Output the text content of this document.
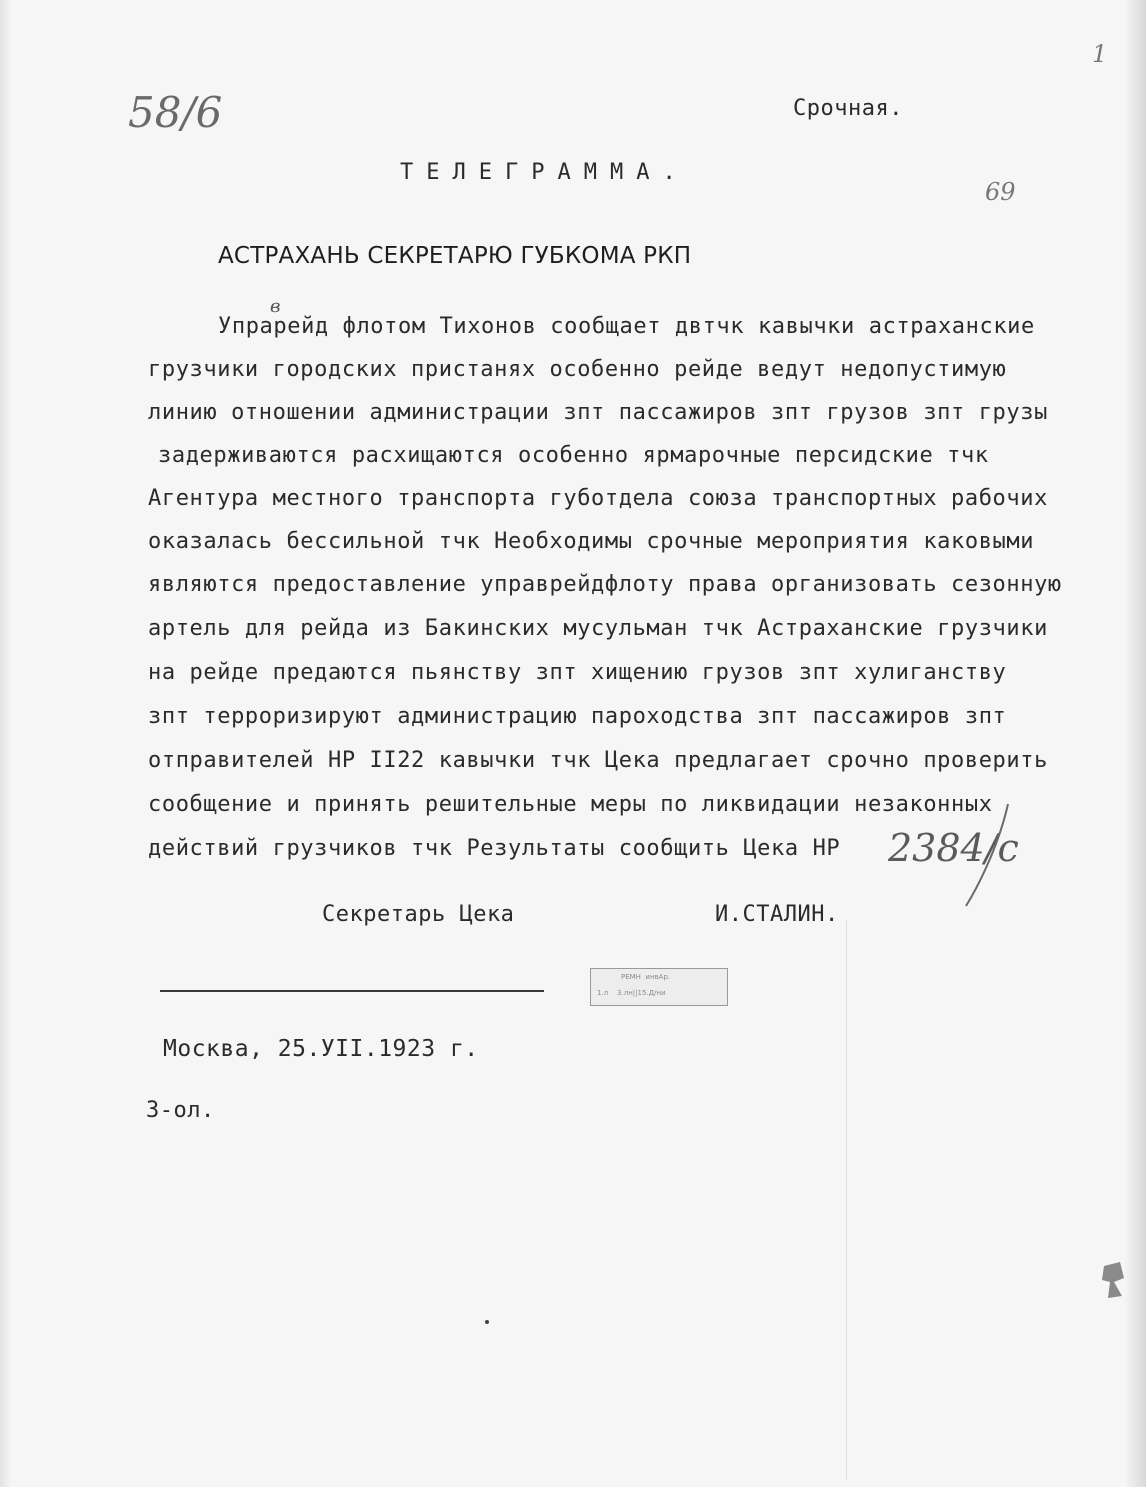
58/6
1
69
в
Срочная.
ТЕЛЕГРАММА.
АСТРАХАНЬ СЕКРЕТАРЮ ГУБКОМА РКП
Упрарейд флотом Тихонов сообщает двтчк кавычки астраханские
грузчики городских пристанях особенно рейде ведут недопустимую
линию отношении администрации зпт пассажиров зпт грузов зпт грузы
задерживаются расхищаются особенно ярмарочные персидские тчк
Агентура местного транспорта губотдела союза транспортных рабочих
оказалась бессильной тчк Необходимы срочные мероприятия каковыми
являются предоставление управрейдфлоту права организовать сезонную
артель для рейда из Бакинских мусульман тчк Астраханские грузчики
на рейде предаются пьянству зпт хищению грузов зпт хулиганству
зпт терроризируют администрацию пароходства зпт пассажиров зпт
отправителей НР II22 кавычки тчк Цека предлагает срочно проверить
сообщение и принять решительные меры по ликвидации незаконных
действий грузчиков тчк Результаты сообщить Цека НР 2384/с
Секретарь Цека	И.СТАЛИН.
РЕМН  инвАр.
1.л    3.лн||15.Д/ни
Москва, 25.УII.1923 г.
3-ол.
